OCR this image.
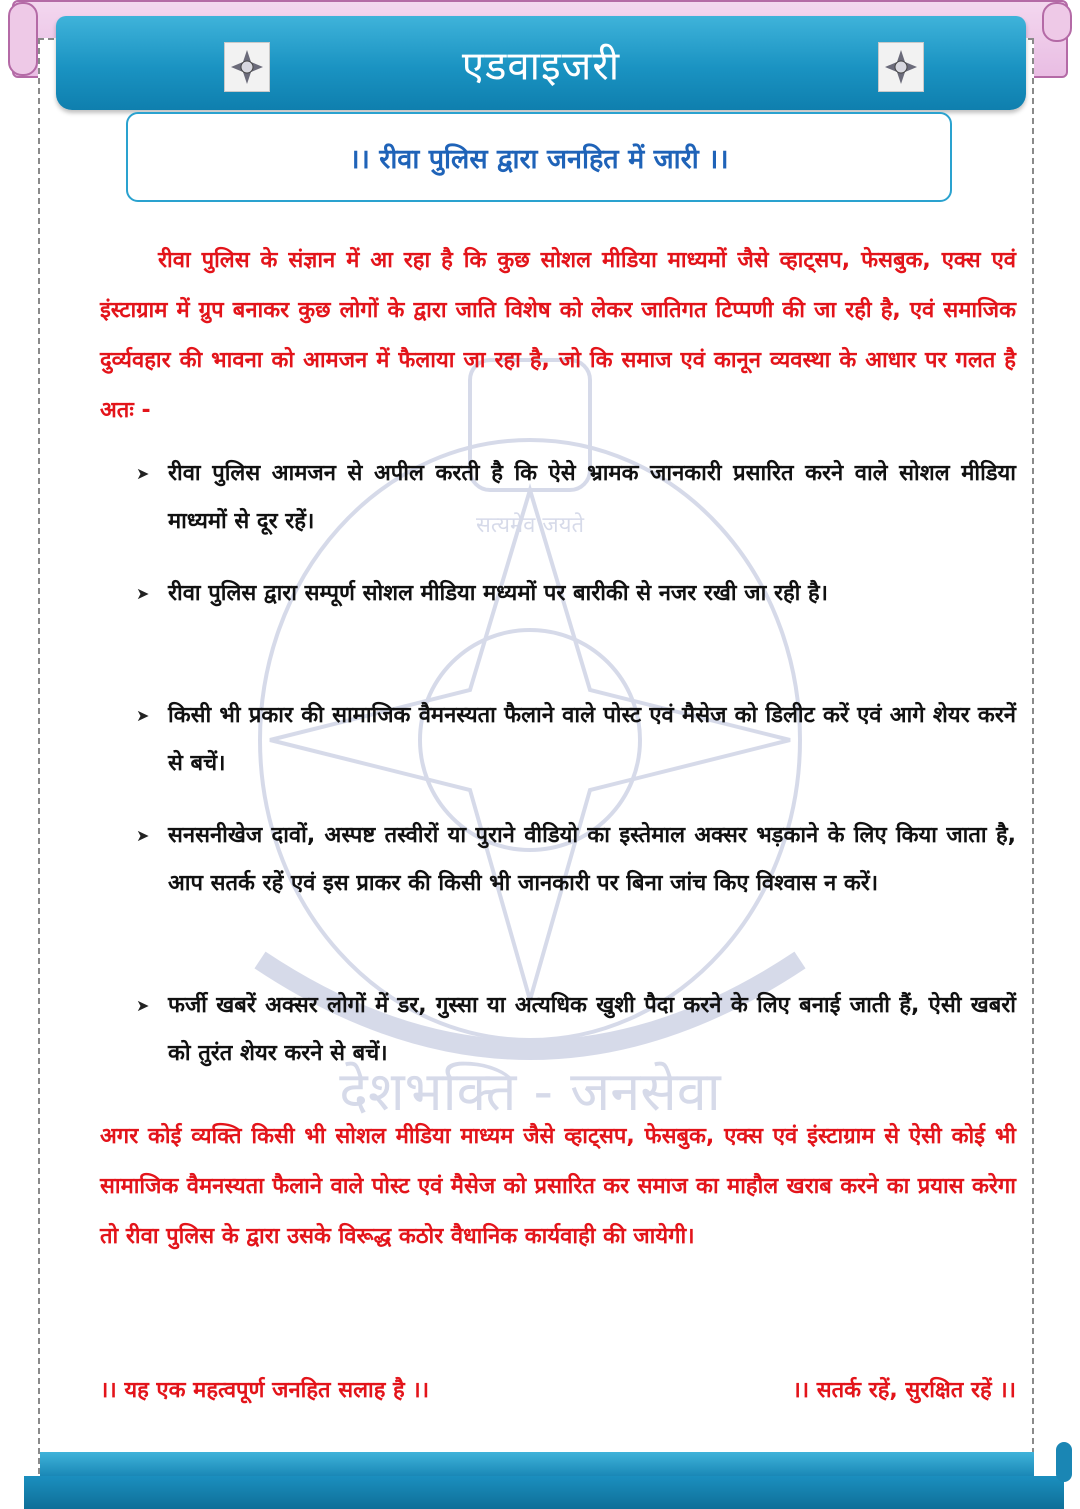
सत्यमेव जयते
देशभक्ति - जनसेवा
एडवाइजरी
।। रीवा पुलिस द्वारा जनहित में जारी ।।
रीवा पुलिस के संज्ञान में आ रहा है कि कुछ सोशल मीडिया माध्यमों जैसे व्हाट्सप, फेसबुक, एक्स एवं इंस्टाग्राम में ग्रुप बनाकर कुछ लोगों के द्वारा जाति विशेष को लेकर जातिगत टिप्पणी की जा रही है, एवं समाजिक दुर्व्यवहार की भावना को आमजन में फैलाया जा रहा है, जो कि समाज एवं कानून व्यवस्था के आधार पर गलत है अतः -
➤ रीवा पुलिस आमजन से अपील करती है कि ऐसे भ्रामक जानकारी प्रसारित करने वाले सोशल मीडिया माध्यमों से दूर रहें।
➤ रीवा पुलिस द्वारा सम्पूर्ण सोशल मीडिया मध्यमों पर बारीकी से नजर रखी जा रही है।
➤ किसी भी प्रकार की सामाजिक वैमनस्यता फैलाने वाले पोस्ट एवं मैसेज को डिलीट करें एवं आगे शेयर करनें से बचें।
➤ सनसनीखेज दावों, अस्पष्ट तस्वीरों या पुराने वीडियो का इस्तेमाल अक्सर भड़काने के लिए किया जाता है, आप सतर्क रहें एवं इस प्राकर की किसी भी जानकारी पर बिना जांच किए विश्वास न करें।
➤ फर्जी खबरें अक्सर लोगों में डर, गुस्सा या अत्यधिक खुशी पैदा करने के लिए बनाई जाती हैं, ऐसी खबरों को तुरंत शेयर करने से बचें।
अगर कोई व्यक्ति किसी भी सोशल मीडिया माध्यम जैसे व्हाट्सप, फेसबुक, एक्स एवं इंस्टाग्राम से ऐसी कोई भी सामाजिक वैमनस्यता फैलाने वाले पोस्ट एवं मैसेज को प्रसारित कर समाज का माहौल खराब करने का प्रयास करेगा तो रीवा पुलिस के द्वारा उसके विरूद्ध कठोर वैधानिक कार्यवाही की जायेगी।
।। यह एक महत्वपूर्ण जनहित सलाह है ।।	।। सतर्क रहें, सुरक्षित रहें ।।
